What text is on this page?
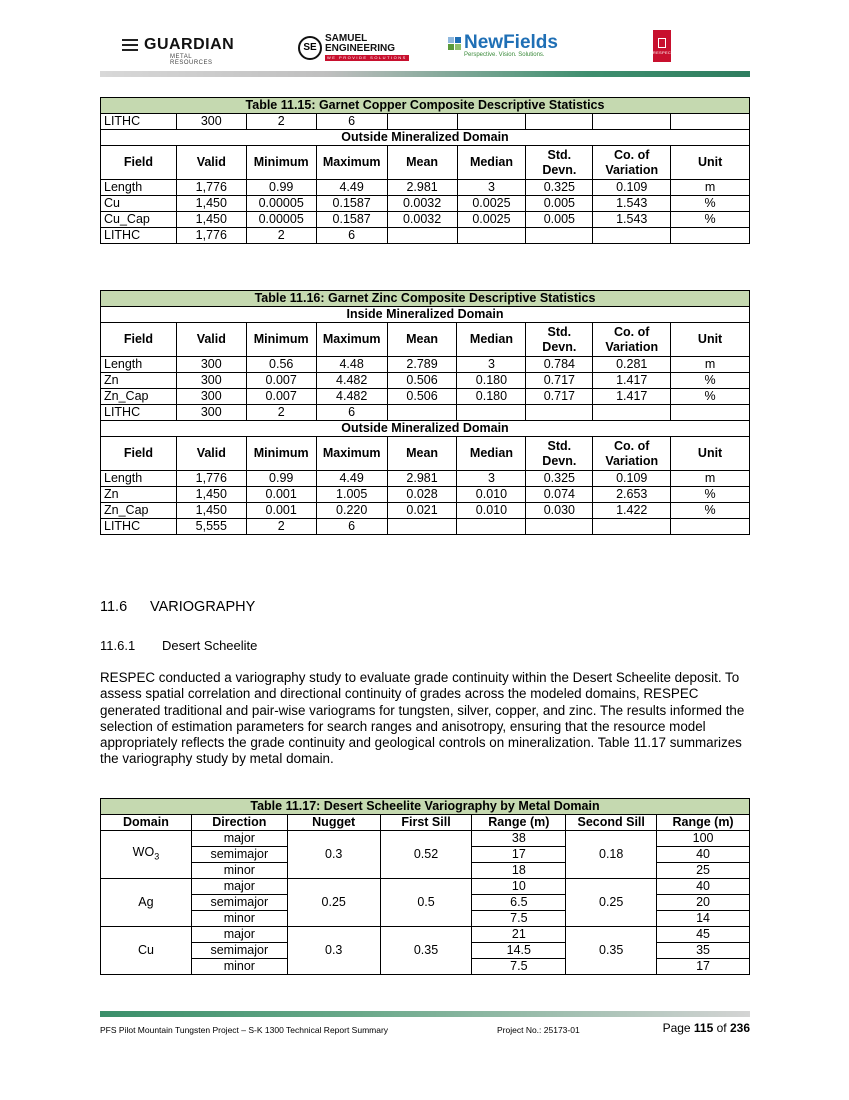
GUARDIAN
METAL RESOURCES
SE
SAMUEL
ENGINEERING
WE PROVIDE SOLUTIONS
NewFields
Perspective. Vision. Solutions.	RESPEC
Table 11.15: Garnet Copper Composite Descriptive Statistics								
LITHC	300	2	6					
Outside Mineralized Domain								
Field	Valid	Minimum	Maximum	Mean	Median	Std. Devn.	Co. of Variation	Unit
Length	1,776	0.99	4.49	2.981	3	0.325	0.109	m
Cu	1,450	0.00005	0.1587	0.0032	0.0025	0.005	1.543	%
Cu_Cap	1,450	0.00005	0.1587	0.0032	0.0025	0.005	1.543	%
LITHC	1,776	2	6					
Table 11.16: Garnet Zinc Composite Descriptive Statistics								
Inside Mineralized Domain								
Field	Valid	Minimum	Maximum	Mean	Median	Std. Devn.	Co. of Variation	Unit
Length	300	0.56	4.48	2.789	3	0.784	0.281	m
Zn	300	0.007	4.482	0.506	0.180	0.717	1.417	%
Zn_Cap	300	0.007	4.482	0.506	0.180	0.717	1.417	%
LITHC	300	2	6					
Outside Mineralized Domain								
Field	Valid	Minimum	Maximum	Mean	Median	Std. Devn.	Co. of Variation	Unit
Length	1,776	0.99	4.49	2.981	3	0.325	0.109	m
Zn	1,450	0.001	1.005	0.028	0.010	0.074	2.653	%
Zn_Cap	1,450	0.001	0.220	0.021	0.010	0.030	1.422	%
LITHC	5,555	2	6					
11.6 VARIOGRAPHY
11.6.1 Desert Scheelite

RESPEC conducted a variography study to evaluate grade continuity within the Desert Scheelite deposit. To assess spatial correlation and directional continuity of grades across the modeled domains, RESPEC generated traditional and pair-wise variograms for tungsten, silver, copper, and zinc. The results informed the selection of estimation parameters for search ranges and anisotropy, ensuring that the resource model appropriately reflects the grade continuity and geological controls on mineralization. Table 11.17 summarizes the variography study by metal domain.

Table 11.17: Desert Scheelite Variography by Metal Domain						
Domain	Direction	Nugget	First Sill	Range (m)	Second Sill	Range (m)
$WO_3$	major	0.3	0.52	38	0.18	100
	semimajor			17		40
	minor			18		25
Ag	major	0.25	0.5	10	0.25	40
	semimajor			6.5		20
	minor			7.5		14
Cu	major	0.3	0.35	21	0.35	45
	semimajor			14.5		35
	minor			7.5		17
PFS Pilot Mountain Tungsten Project – S-K 1300 Technical Report Summary	Project No.: 25173-01	Page 115 of 236
